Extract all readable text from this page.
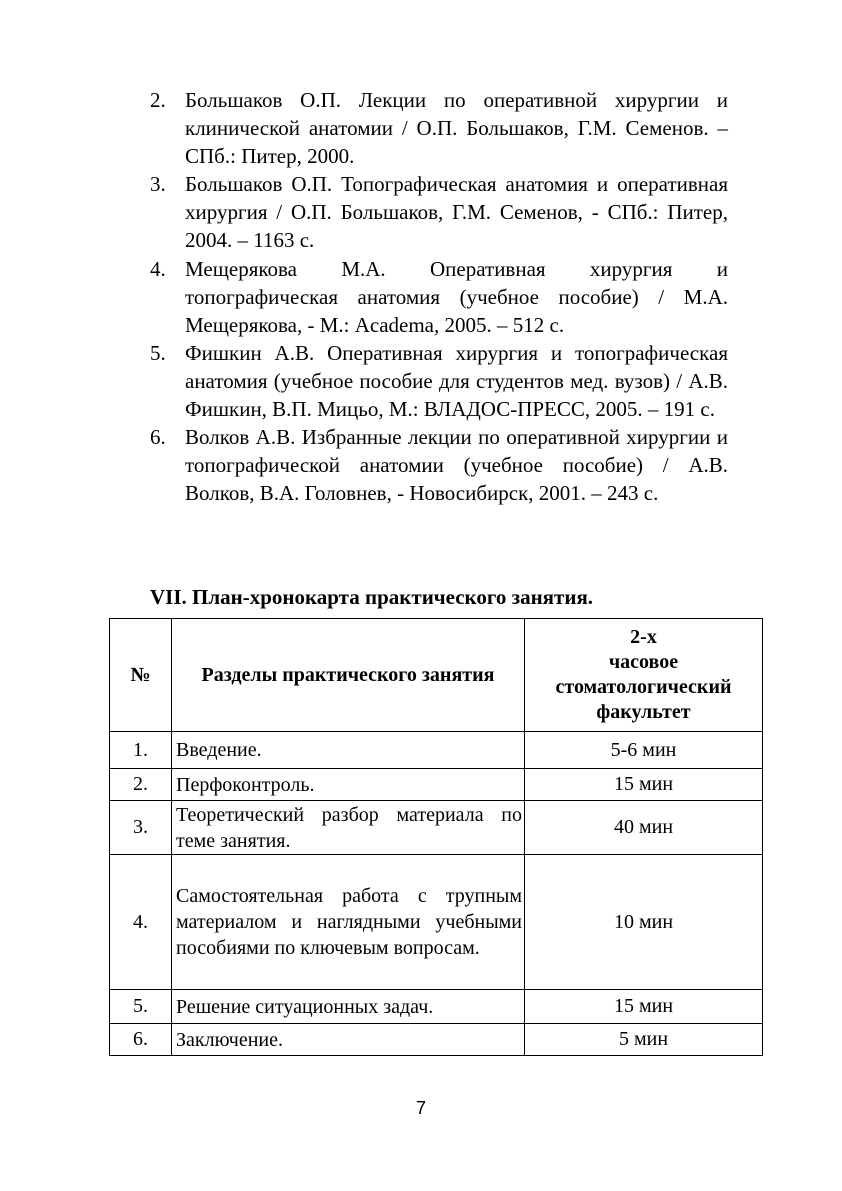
2. Большаков О.П. Лекции по оперативной хирургии и клинической анатомии / О.П. Большаков, Г.М. Семенов. – СПб.: Питер, 2000.
3. Большаков О.П. Топографическая анатомия и оперативная хирургия / О.П. Большаков, Г.М. Семенов, - СПб.: Питер, 2004. – 1163 с.
4. Мещерякова М.А. Оперативная хирургия и топографическая анатомия (учебное пособие) / М.А. Мещерякова, - М.: Academa, 2005. – 512 с.
5. Фишкин А.В. Оперативная хирургия и топографическая анатомия (учебное пособие для студентов мед. вузов) / А.В. Фишкин, В.П. Мицьо, М.: ВЛАДОС-ПРЕСС, 2005. – 191 с.
6. Волков А.В. Избранные лекции по оперативной хирургии и топографической анатомии (учебное пособие) / А.В. Волков, В.А. Головнев, - Новосибирск, 2001. – 243 с.
VII. План-хронокарта практического занятия.
№	Разделы практического занятия	2-х
часовое
стоматологический
факультет

1.	Введение.	5-6 мин
2.	Перфоконтроль.	15 мин
3.	Теоретический разбор материала по теме занятия.	40 мин
4.	Самостоятельная работа с трупным материалом и наглядными учебными пособиями по ключевым вопросам.	10 мин
5.	Решение ситуационных задач.	15 мин
6.	Заключение.	5 мин

7
